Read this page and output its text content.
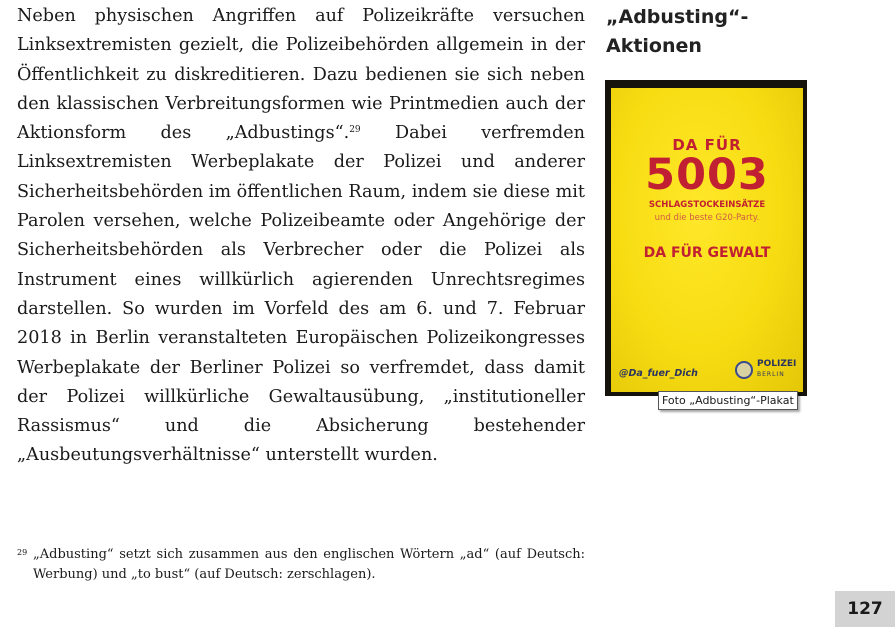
Neben physischen Angriffen auf Polizeikräfte versuchen Linksextremisten gezielt, die Polizeibehörden allgemein in der Öffentlichkeit zu diskreditieren. Dazu bedienen sie sich neben den klassischen Verbreitungsformen wie Printmedien auch der Aktionsform des „Adbustings“.$^{29}$ Dabei verfremden Linksextremisten Werbeplakate der Polizei und anderer Sicherheitsbehörden im öffentlichen Raum, indem sie diese mit Parolen versehen, welche Polizeibeamte oder Angehörige der Sicherheitsbehörden als Verbrecher oder die Polizei als Instrument eines willkürlich agierenden Unrechtsregimes darstellen. So wurden im Vorfeld des am 6. und 7. Februar 2018 in Berlin veranstalteten Europäischen Polizeikongresses Werbeplakate der Berliner Polizei so verfremdet, dass damit der Polizei willkürliche Gewaltausübung, „institutioneller Rassismus“ und die Absicherung bestehender „Ausbeutungsverhältnisse“ unterstellt wurden.

„Adbusting“-Aktionen

DA FÜR

5003

SCHLAGSTOCKEINSÄTZE

und die beste G20-Party.

DA FÜR GEWALT

@Da_fuer_Dich

POLIZEI

BERLIN

Foto „Adbusting“-Plakat

29 „Adbusting“ setzt sich zusammen aus den englischen Wörtern „ad“ (auf Deutsch: Werbung) und „to bust“ (auf Deutsch: zerschlagen).

127
